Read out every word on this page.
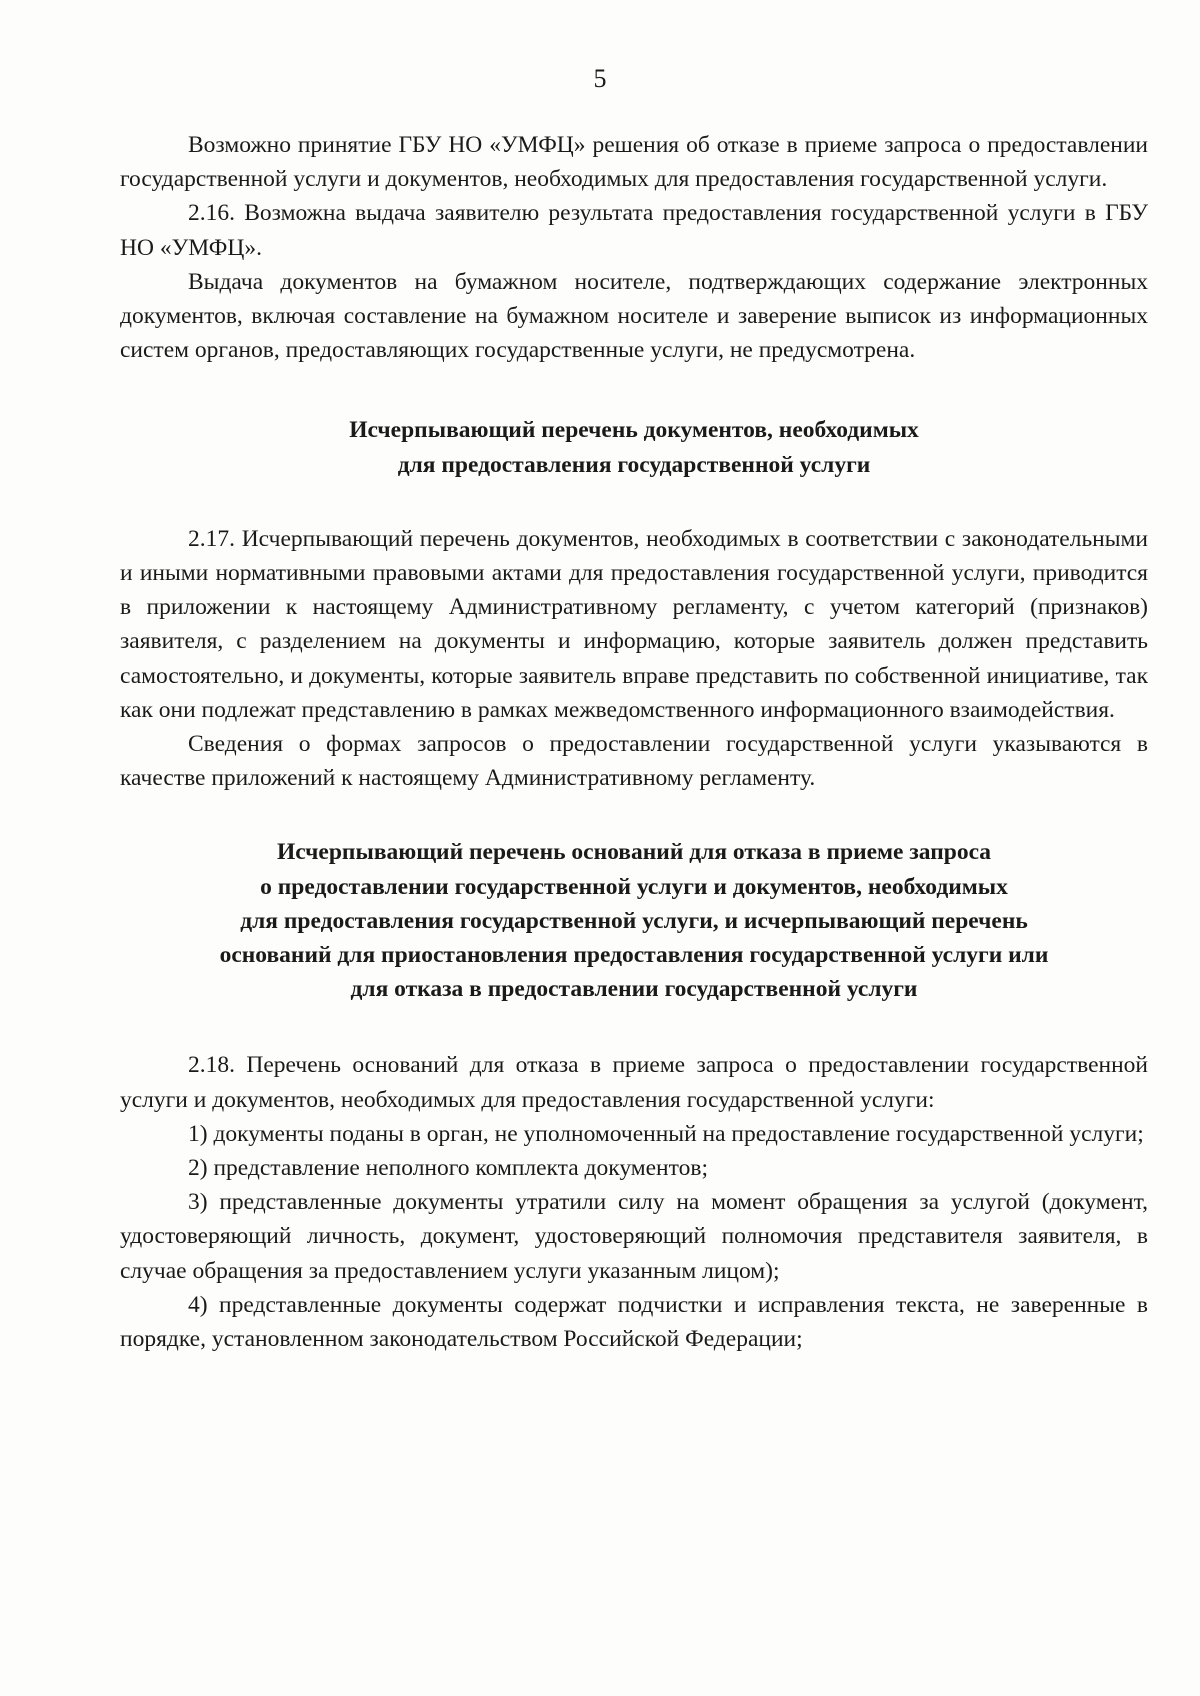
5

Возможно принятие ГБУ НО «УМФЦ» решения об отказе в приеме запроса о предоставлении государственной услуги и документов, необходимых для предоставления государственной услуги.

2.16. Возможна выдача заявителю результата предоставления государственной услуги в ГБУ НО «УМФЦ».

Выдача документов на бумажном носителе, подтверждающих содержание электронных документов, включая составление на бумажном носителе и заверение выписок из информационных систем органов, предоставляющих государственные услуги, не предусмотрена.

Исчерпывающий перечень документов, необходимых
для предоставления государственной услуги

2.17. Исчерпывающий перечень документов, необходимых в соответствии с законодательными и иными нормативными правовыми актами для предоставления государственной услуги, приводится в приложении к настоящему Административному регламенту, с учетом категорий (признаков) заявителя, с разделением на документы и информацию, которые заявитель должен представить самостоятельно, и документы, которые заявитель вправе представить по собственной инициативе, так как они подлежат представлению в рамках межведомственного информационного взаимодействия.

Сведения о формах запросов о предоставлении государственной услуги указываются в качестве приложений к настоящему Административному регламенту.

Исчерпывающий перечень оснований для отказа в приеме запроса
о предоставлении государственной услуги и документов, необходимых
для предоставления государственной услуги, и исчерпывающий перечень
оснований для приостановления предоставления государственной услуги или
для отказа в предоставлении государственной услуги

2.18. Перечень оснований для отказа в приеме запроса о предоставлении государственной услуги и документов, необходимых для предоставления государственной услуги:

1) документы поданы в орган, не уполномоченный на предоставление государственной услуги;

2) представление неполного комплекта документов;

3) представленные документы утратили силу на момент обращения за услугой (документ, удостоверяющий личность, документ, удостоверяющий полномочия представителя заявителя, в случае обращения за предоставлением услуги указанным лицом);

4) представленные документы содержат подчистки и исправления текста, не заверенные в порядке, установленном законодательством Российской Федерации;
